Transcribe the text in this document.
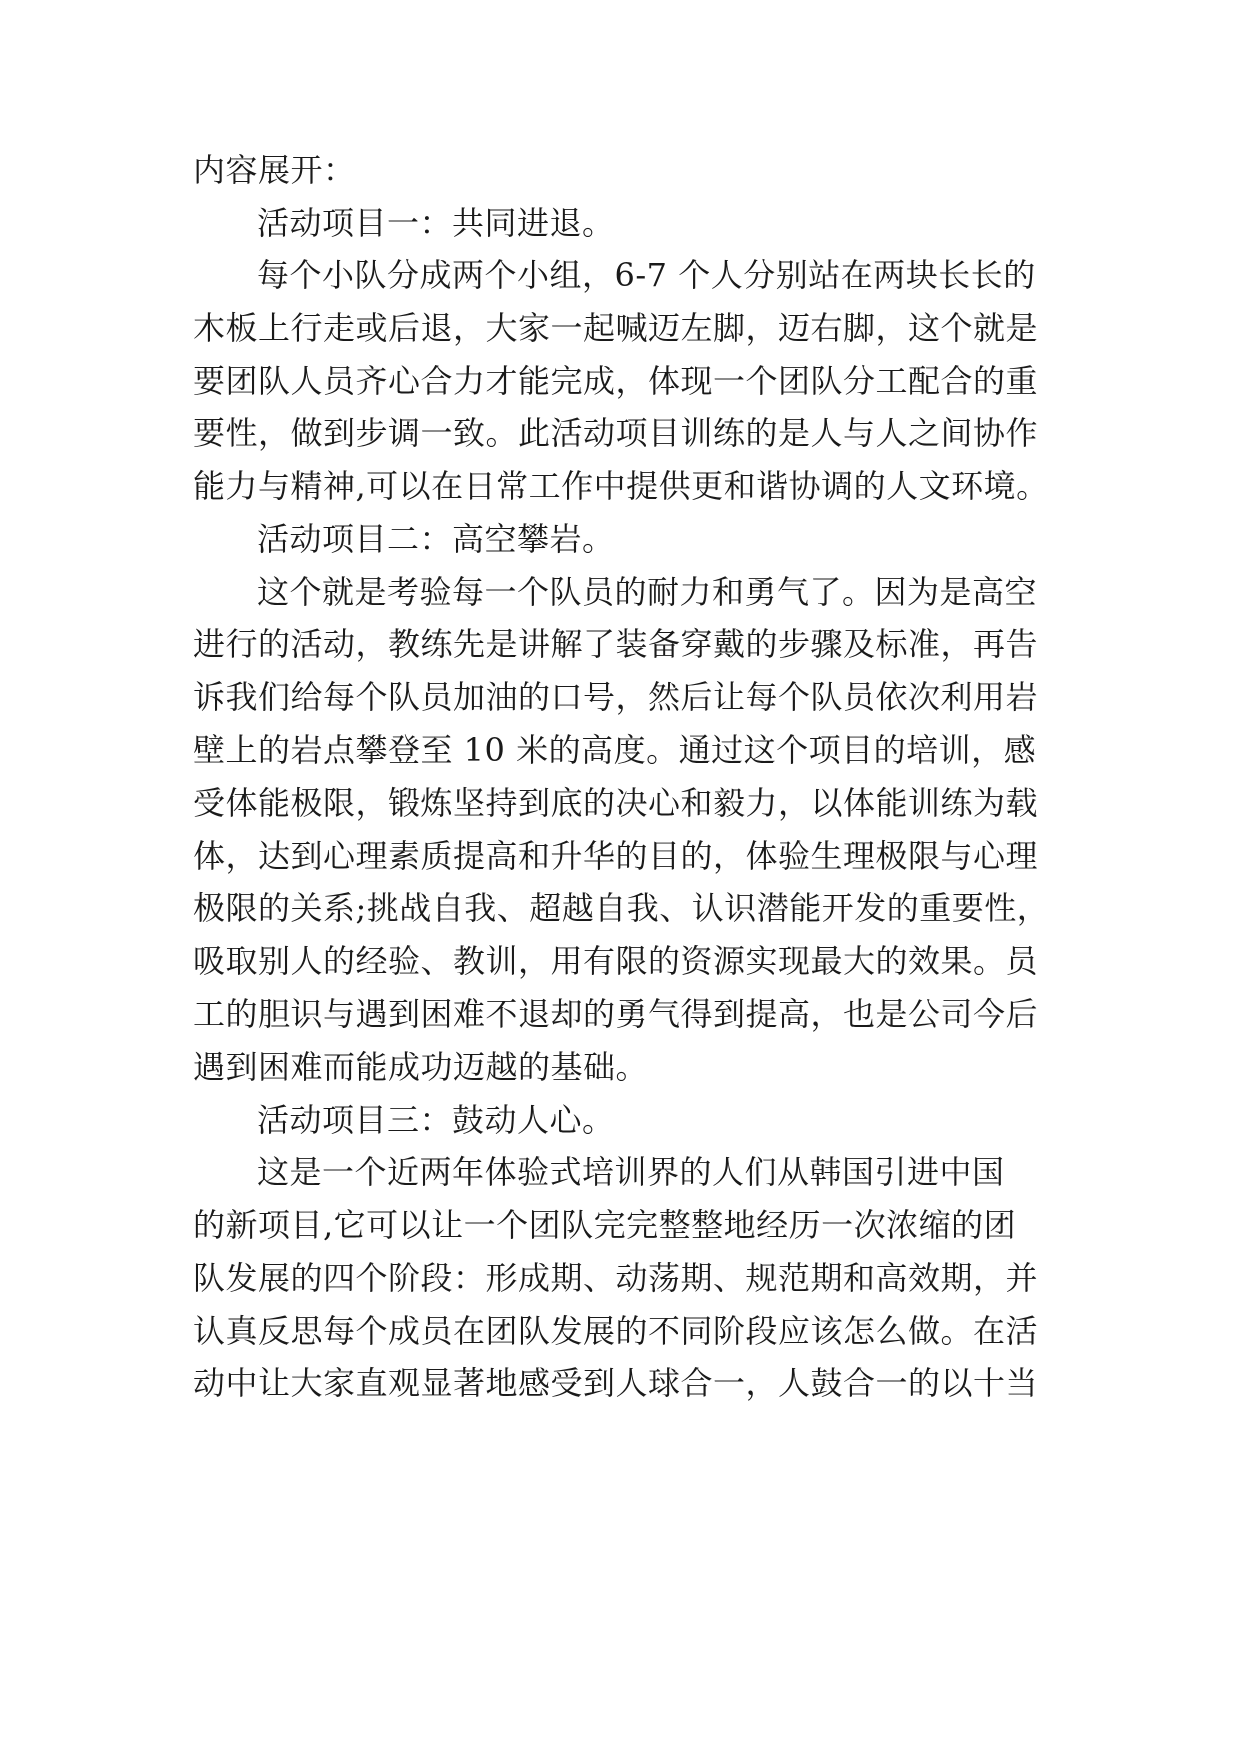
内容展开：
活动项目一：共同进退。
每个小队分成两个小组，6-7 个人分别站在两块长长的
木板上行走或后退，大家一起喊迈左脚，迈右脚，这个就是
要团队人员齐心合力才能完成，体现一个团队分工配合的重
要性，做到步调一致。此活动项目训练的是人与人之间协作
能力与精神,可以在日常工作中提供更和谐协调的人文环境。
活动项目二：高空攀岩。
这个就是考验每一个队员的耐力和勇气了。因为是高空
进行的活动，教练先是讲解了装备穿戴的步骤及标准，再告
诉我们给每个队员加油的口号，然后让每个队员依次利用岩
壁上的岩点攀登至 10 米的高度。通过这个项目的培训，感
受体能极限，锻炼坚持到底的决心和毅力，以体能训练为载
体，达到心理素质提高和升华的目的，体验生理极限与心理
极限的关系;挑战自我、超越自我、认识潜能开发的重要性，
吸取别人的经验、教训，用有限的资源实现最大的效果。员
工的胆识与遇到困难不退却的勇气得到提高，也是公司今后
遇到困难而能成功迈越的基础。
活动项目三：鼓动人心。
这是一个近两年体验式培训界的人们从韩国引进中国
的新项目,它可以让一个团队完完整整地经历一次浓缩的团
队发展的四个阶段：形成期、动荡期、规范期和高效期，并
认真反思每个成员在团队发展的不同阶段应该怎么做。在活
动中让大家直观显著地感受到人球合一，人鼓合一的以十当
